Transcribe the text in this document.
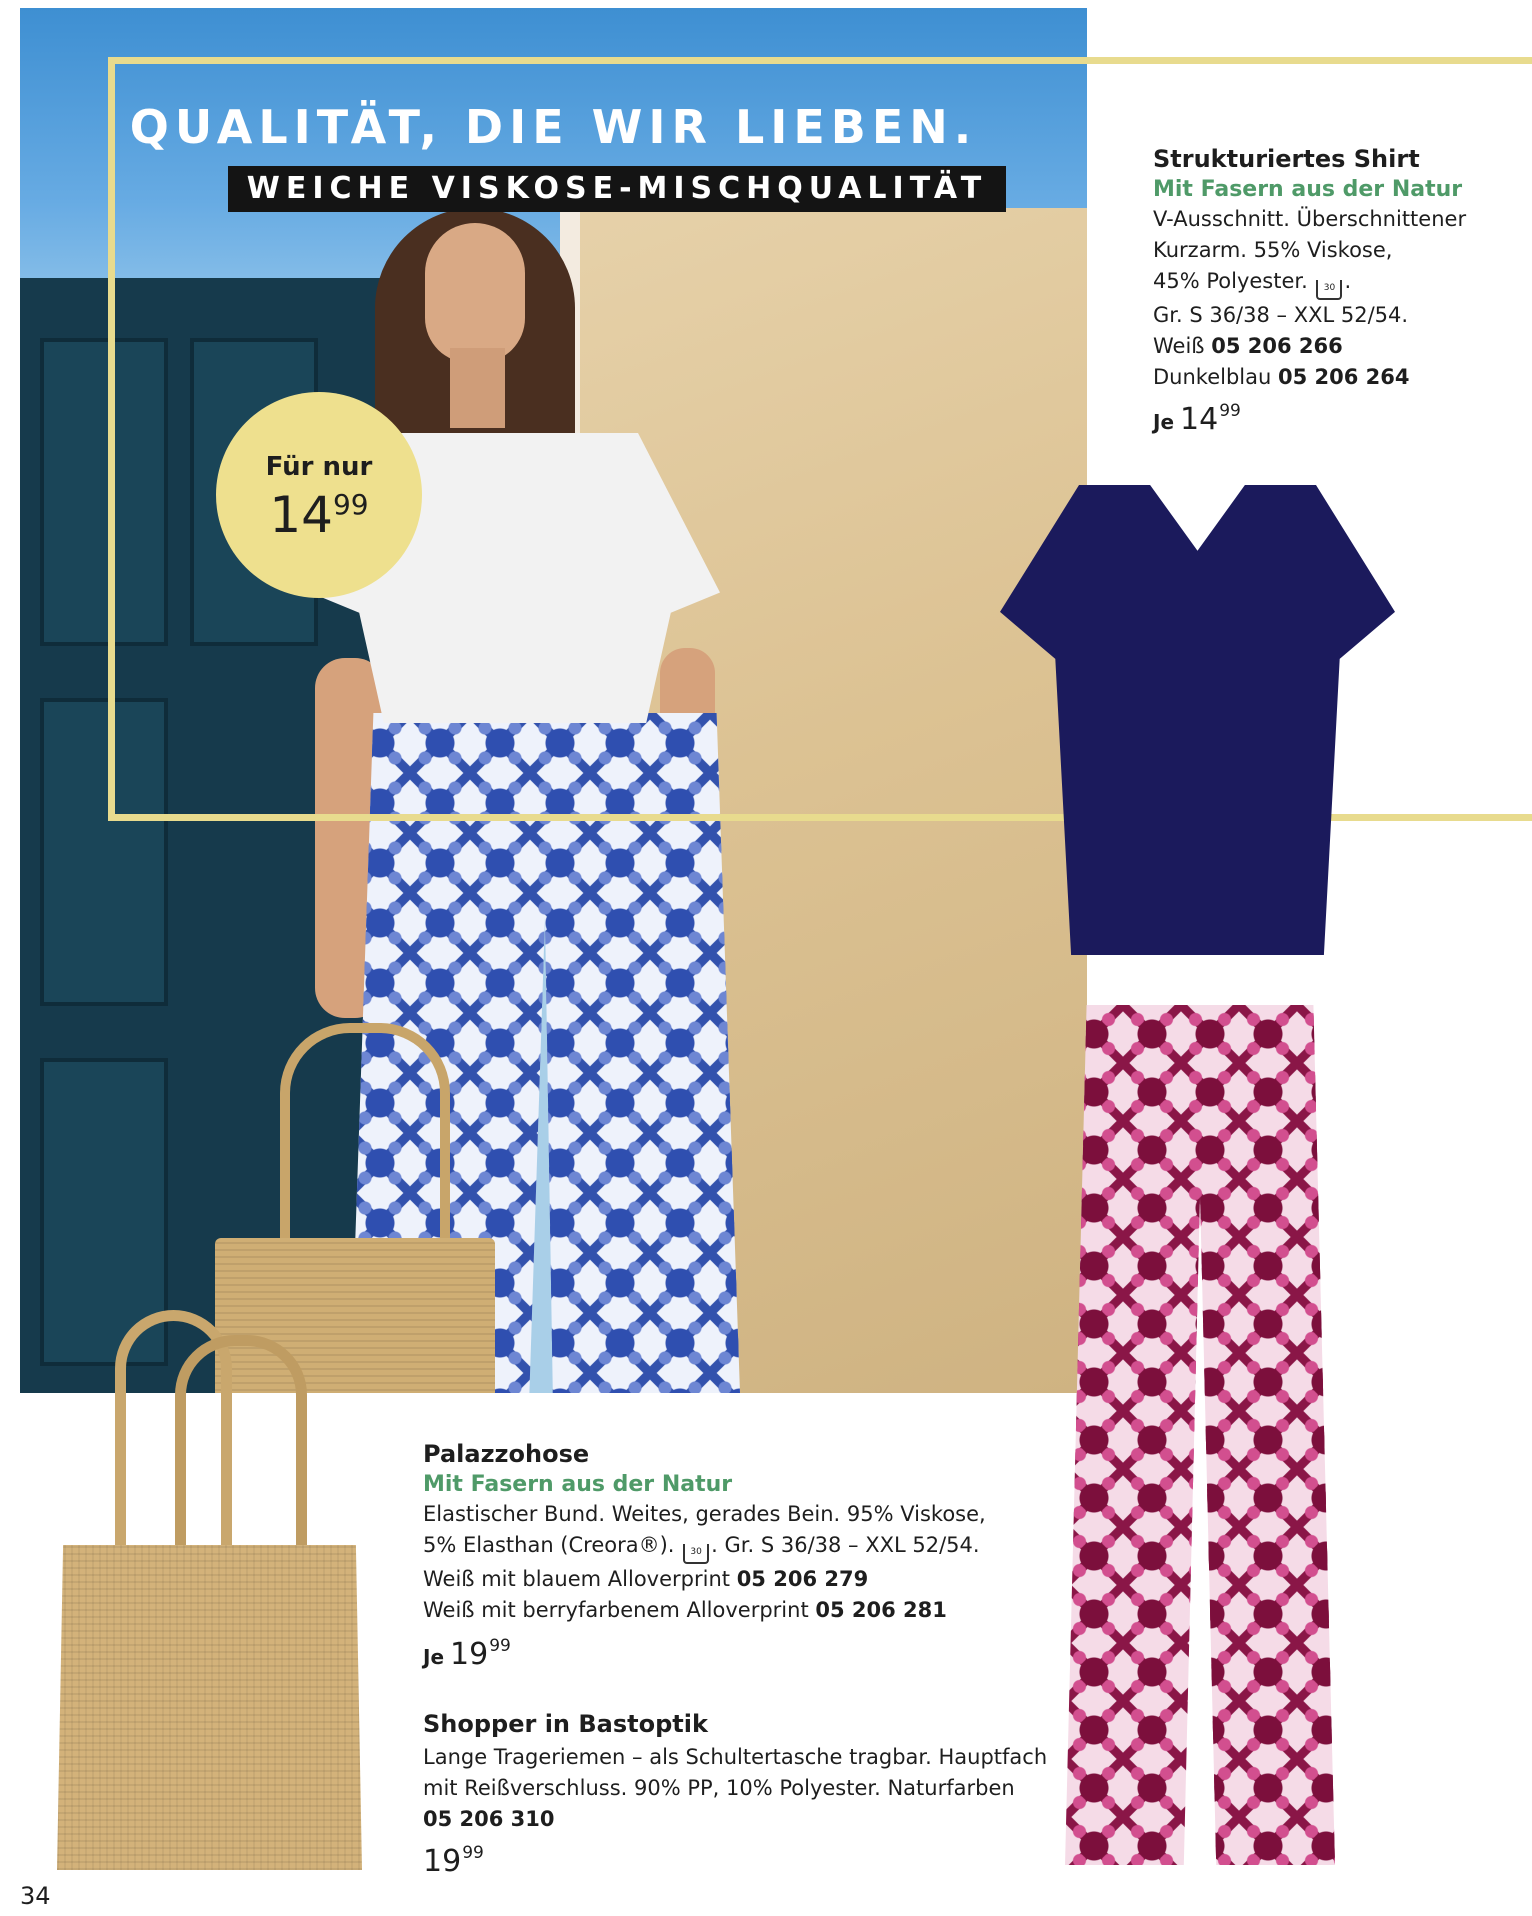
QUALITÄT, DIE WIR LIEBEN.
WEICHE VISKOSE-MISCHQUALITÄT
Für nur
$14^{99}$
Strukturiertes Shirt
Mit Fasern aus der Natur
V-Ausschnitt. Überschnittener
Kurzarm. 55% Viskose,
45% Polyester. 30 .
Gr. S 36/38 – XXL 52/54.
Weiß 05 206 266
Dunkelblau 05 206 264
Je $14^{99}$
Palazzohose
Mit Fasern aus der Natur
Elastischer Bund. Weites, gerades Bein. 95% Viskose,
5% Elasthan (Creora®). 30 . Gr. S 36/38 – XXL 52/54.
Weiß mit blauem Alloverprint 05 206 279
Weiß mit berryfarbenem Alloverprint 05 206 281
Je $19^{99}$
Shopper in Bastoptik
Lange Trageriemen – als Schultertasche tragbar. Hauptfach
mit Reißverschluss. 90% PP, 10% Polyester. Naturfarben
05 206 310
$19^{99}$
34
